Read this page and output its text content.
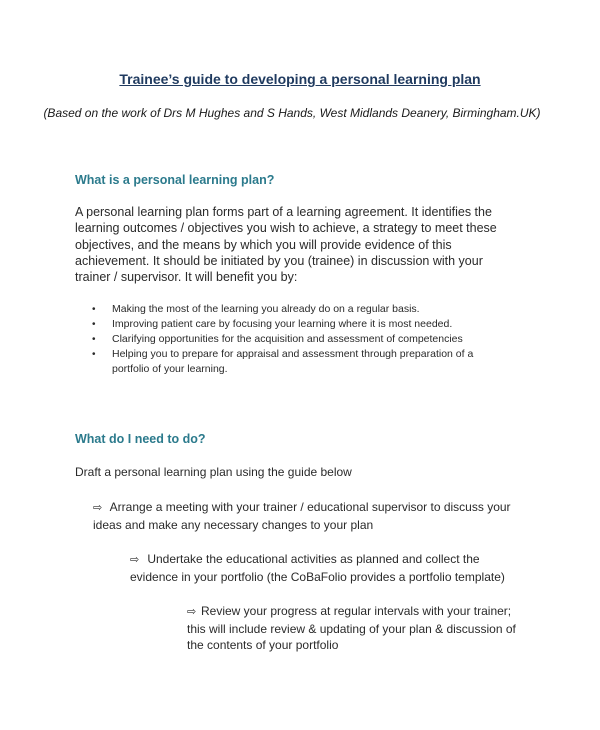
Trainee’s guide to developing a personal learning plan
(Based on the work of Drs M Hughes and S Hands, West Midlands Deanery, Birmingham.UK)
What is a personal learning plan?
A personal learning plan forms part of a learning agreement. It identifies the learning outcomes / objectives you wish to achieve, a strategy to meet these objectives, and the means by which you will provide evidence of this achievement. It should be initiated by you (trainee) in discussion with your trainer / supervisor. It will benefit you by:
• Making the most of the learning you already do on a regular basis.
• Improving patient care by focusing your learning where it is most needed.
• Clarifying opportunities for the acquisition and assessment of competencies
• Helping you to prepare for appraisal and assessment through preparation of a portfolio of your learning.
What do I need to do?
Draft a personal learning plan using the guide below
⇨ Arrange a meeting with your trainer / educational supervisor to discuss your
ideas and make any necessary changes to your plan
⇨ Undertake the educational activities as planned and collect the
evidence in your portfolio (the CoBaFolio provides a portfolio template)
⇨ Review your progress at regular intervals with your trainer;
this will include review & updating of your plan & discussion of
the contents of your portfolio
